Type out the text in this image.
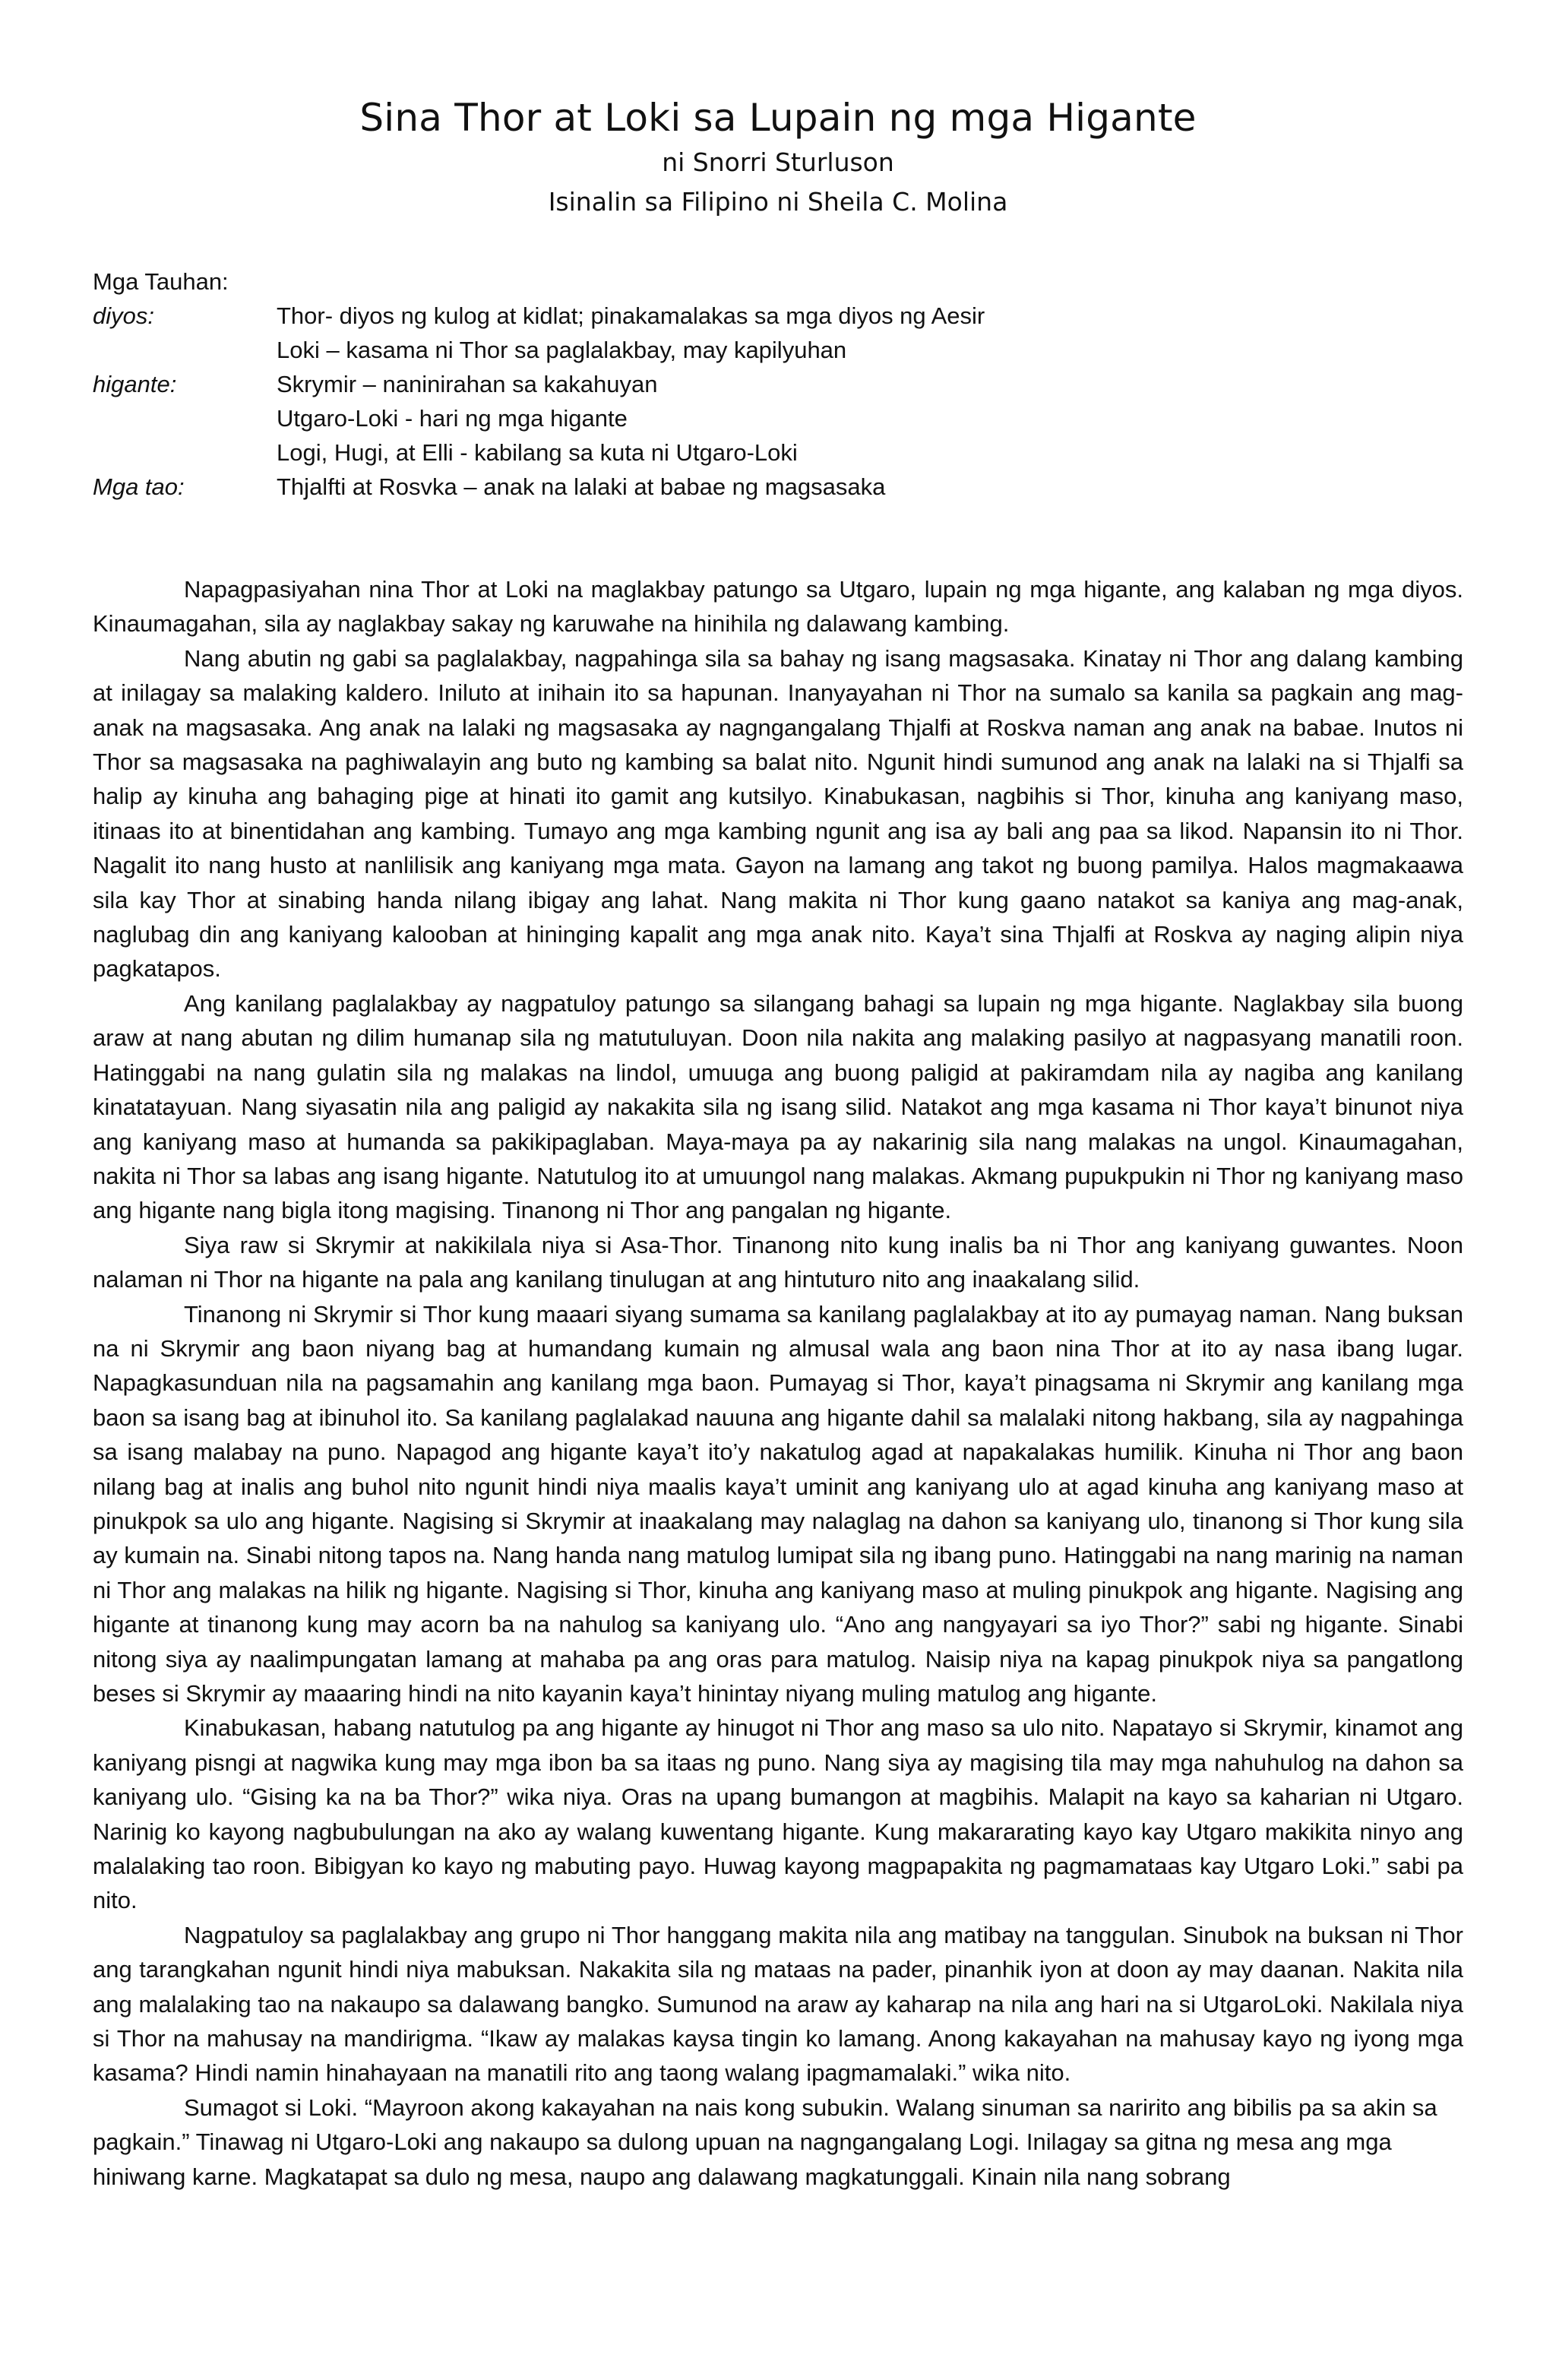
Sina Thor at Loki sa Lupain ng mga Higante
ni Snorri Sturluson
Isinalin sa Filipino ni Sheila C. Molina
Mga Tauhan:
diyos:	Thor- diyos ng kulog at kidlat; pinakamalakas sa mga diyos ng Aesir
Loki – kasama ni Thor sa paglalakbay, may kapilyuhan
higante:	Skrymir – naninirahan sa kakahuyan
Utgaro-Loki - hari ng mga higante
Logi, Hugi, at Elli - kabilang sa kuta ni Utgaro-Loki
Mga tao:	Thjalfti at Rosvka – anak na lalaki at babae ng magsasaka

Napagpasiyahan nina Thor at Loki na maglakbay patungo sa Utgaro, lupain ng mga higante, ang kalaban ng mga diyos. Kinaumagahan, sila ay naglakbay sakay ng karuwahe na hinihila ng dalawang kambing.

Nang abutin ng gabi sa paglalakbay, nagpahinga sila sa bahay ng isang magsasaka. Kinatay ni Thor ang dalang kambing at inilagay sa malaking kaldero. Iniluto at inihain ito sa hapunan. Inanyayahan ni Thor na sumalo sa kanila sa pagkain ang mag-anak na magsasaka. Ang anak na lalaki ng magsasaka ay nagngangalang Thjalfi at Roskva naman ang anak na babae. Inutos ni Thor sa magsasaka na paghiwalayin ang buto ng kambing sa balat nito. Ngunit hindi sumunod ang anak na lalaki na si Thjalfi sa halip ay kinuha ang bahaging pige at hinati ito gamit ang kutsilyo. Kinabukasan, nagbihis si Thor, kinuha ang kaniyang maso, itinaas ito at binentidahan ang kambing. Tumayo ang mga kambing ngunit ang isa ay bali ang paa sa likod. Napansin ito ni Thor. Nagalit ito nang husto at nanlilisik ang kaniyang mga mata. Gayon na lamang ang takot ng buong pamilya. Halos magmakaawa sila kay Thor at sinabing handa nilang ibigay ang lahat. Nang makita ni Thor kung gaano natakot sa kaniya ang mag-anak, naglubag din ang kaniyang kalooban at hininging kapalit ang mga anak nito. Kaya’t sina Thjalfi at Roskva ay naging alipin niya pagkatapos.

Ang kanilang paglalakbay ay nagpatuloy patungo sa silangang bahagi sa lupain ng mga higante. Naglakbay sila buong araw at nang abutan ng dilim humanap sila ng matutuluyan. Doon nila nakita ang malaking pasilyo at nagpasyang manatili roon. Hatinggabi na nang gulatin sila ng malakas na lindol, umuuga ang buong paligid at pakiramdam nila ay nagiba ang kanilang kinatatayuan. Nang siyasatin nila ang paligid ay nakakita sila ng isang silid. Natakot ang mga kasama ni Thor kaya’t binunot niya ang kaniyang maso at humanda sa pakikipaglaban. Maya-maya pa ay nakarinig sila nang malakas na ungol. Kinaumagahan, nakita ni Thor sa labas ang isang higante. Natutulog ito at umuungol nang malakas. Akmang pupukpukin ni Thor ng kaniyang maso ang higante nang bigla itong magising. Tinanong ni Thor ang pangalan ng higante.

Siya raw si Skrymir at nakikilala niya si Asa-Thor. Tinanong nito kung inalis ba ni Thor ang kaniyang guwantes. Noon nalaman ni Thor na higante na pala ang kanilang tinulugan at ang hintuturo nito ang inaakalang silid.

Tinanong ni Skrymir si Thor kung maaari siyang sumama sa kanilang paglalakbay at ito ay pumayag naman. Nang buksan na ni Skrymir ang baon niyang bag at humandang kumain ng almusal wala ang baon nina Thor at ito ay nasa ibang lugar. Napagkasunduan nila na pagsamahin ang kanilang mga baon. Pumayag si Thor, kaya’t pinagsama ni Skrymir ang kanilang mga baon sa isang bag at ibinuhol ito. Sa kanilang paglalakad nauuna ang higante dahil sa malalaki nitong hakbang, sila ay nagpahinga sa isang malabay na puno. Napagod ang higante kaya’t ito’y nakatulog agad at napakalakas humilik. Kinuha ni Thor ang baon nilang bag at inalis ang buhol nito ngunit hindi niya maalis kaya’t uminit ang kaniyang ulo at agad kinuha ang kaniyang maso at pinukpok sa ulo ang higante. Nagising si Skrymir at inaakalang may nalaglag na dahon sa kaniyang ulo, tinanong si Thor kung sila ay kumain na. Sinabi nitong tapos na. Nang handa nang matulog lumipat sila ng ibang puno. Hatinggabi na nang marinig na naman ni Thor ang malakas na hilik ng higante. Nagising si Thor, kinuha ang kaniyang maso at muling pinukpok ang higante. Nagising ang higante at tinanong kung may acorn ba na nahulog sa kaniyang ulo. “Ano ang nangyayari sa iyo Thor?” sabi ng higante. Sinabi nitong siya ay naalimpungatan lamang at mahaba pa ang oras para matulog. Naisip niya na kapag pinukpok niya sa pangatlong beses si Skrymir ay maaaring hindi na nito kayanin kaya’t hinintay niyang muling matulog ang higante.

Kinabukasan, habang natutulog pa ang higante ay hinugot ni Thor ang maso sa ulo nito. Napatayo si Skrymir, kinamot ang kaniyang pisngi at nagwika kung may mga ibon ba sa itaas ng puno. Nang siya ay magising tila may mga nahuhulog na dahon sa kaniyang ulo. “Gising ka na ba Thor?” wika niya. Oras na upang bumangon at magbihis. Malapit na kayo sa kaharian ni Utgaro. Narinig ko kayong nagbubulungan na ako ay walang kuwentang higante. Kung makararating kayo kay Utgaro makikita ninyo ang malalaking tao roon. Bibigyan ko kayo ng mabuting payo. Huwag kayong magpapakita ng pagmamataas kay Utgaro Loki.” sabi pa nito.

Nagpatuloy sa paglalakbay ang grupo ni Thor hanggang makita nila ang matibay na tanggulan. Sinubok na buksan ni Thor ang tarangkahan ngunit hindi niya mabuksan. Nakakita sila ng mataas na pader, pinanhik iyon at doon ay may daanan. Nakita nila ang malalaking tao na nakaupo sa dalawang bangko. Sumunod na araw ay kaharap na nila ang hari na si UtgaroLoki. Nakilala niya si Thor na mahusay na mandirigma. “Ikaw ay malakas kaysa tingin ko lamang. Anong kakayahan na mahusay kayo ng iyong mga kasama? Hindi namin hinahayaan na manatili rito ang taong walang ipagmamalaki.” wika nito.

Sumagot si Loki. “Mayroon akong kakayahan na nais kong subukin. Walang sinuman sa naririto ang bibilis pa sa akin sa pagkain.” Tinawag ni Utgaro-Loki ang nakaupo sa dulong upuan na nagngangalang Logi. Inilagay sa gitna ng mesa ang mga hiniwang karne. Magkatapat sa dulo ng mesa, naupo ang dalawang magkatunggali. Kinain nila nang sobrang
